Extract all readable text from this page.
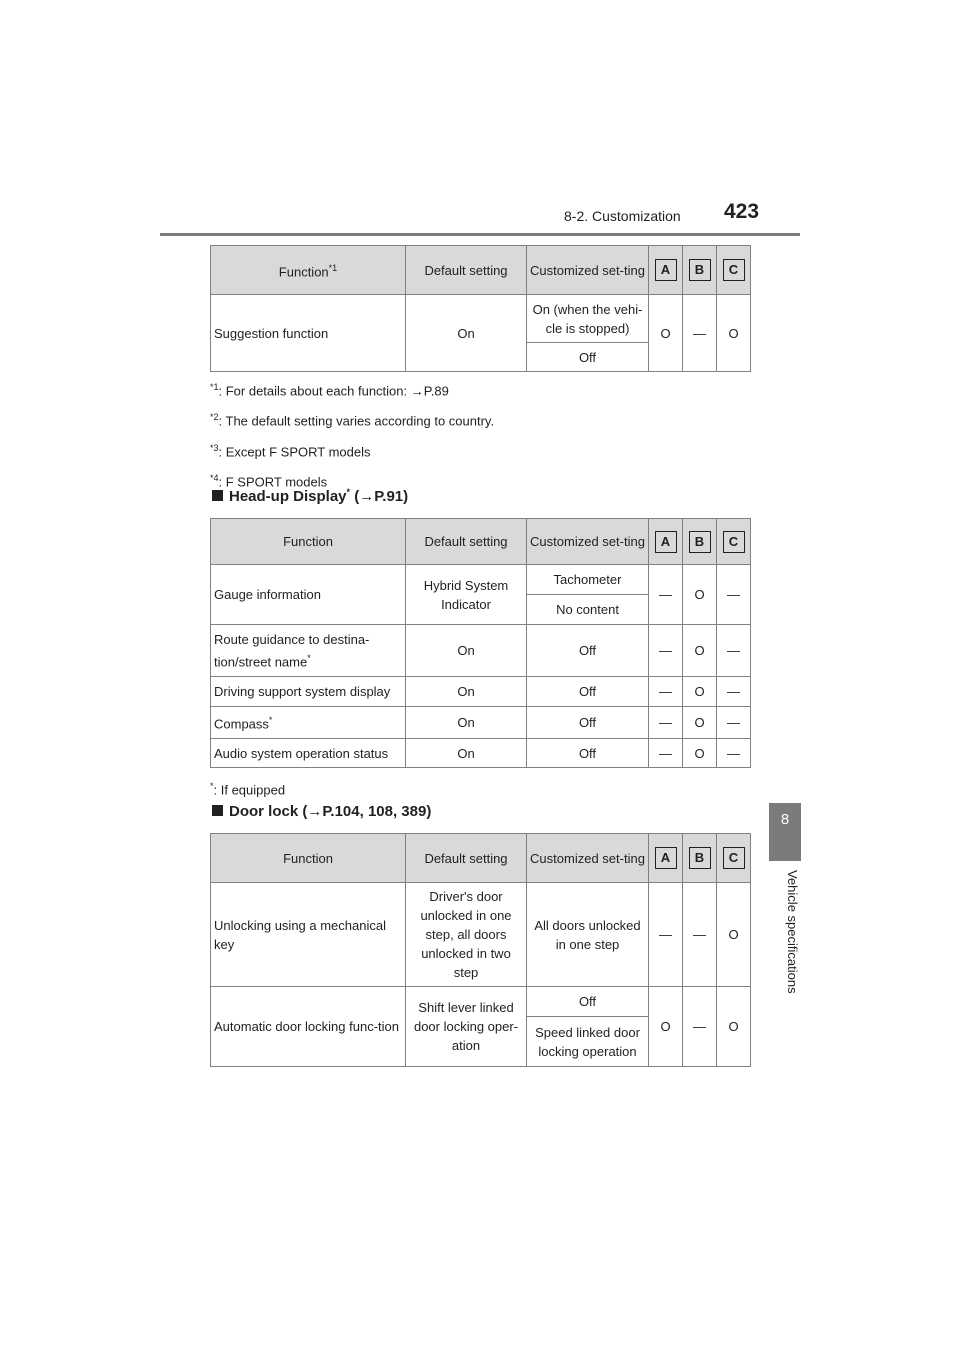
8-2. Customization 423
8
Vehicle specifications
Function$^{*1}$	Default setting	Customized set-ting	A	B	C
Suggestion function	On	On (when the vehi-cle is stopped)	O	—	O
		Off			
$^{*1}$: For details about each function: →P.89
$^{*2}$: The default setting varies according to country.
$^{*3}$: Except F SPORT models
$^{*4}$: F SPORT models
Head-up Display* (→P.91)
Function	Default setting	Customized set-ting	A	B	C
Gauge information	Hybrid System Indicator	Tachometer	—	O	—
		No content			
Route guidance to destina-tion/street name*	On	Off	—	O	—
Driving support system display	On	Off	—	O	—
Compass*	On	Off	—	O	—
Audio system operation status	On	Off	—	O	—
*: If equipped
Door lock (→P.104, 108, 389)
Function	Default setting	Customized set-ting	A	B	C
Unlocking using a mechanical key	Driver's door unlocked in one step, all doors unlocked in two step	All doors unlocked in one step	—	—	O
Automatic door locking func-tion	Shift lever linked door locking oper-ation	Off	O	—	O
		Speed linked door locking operation			
